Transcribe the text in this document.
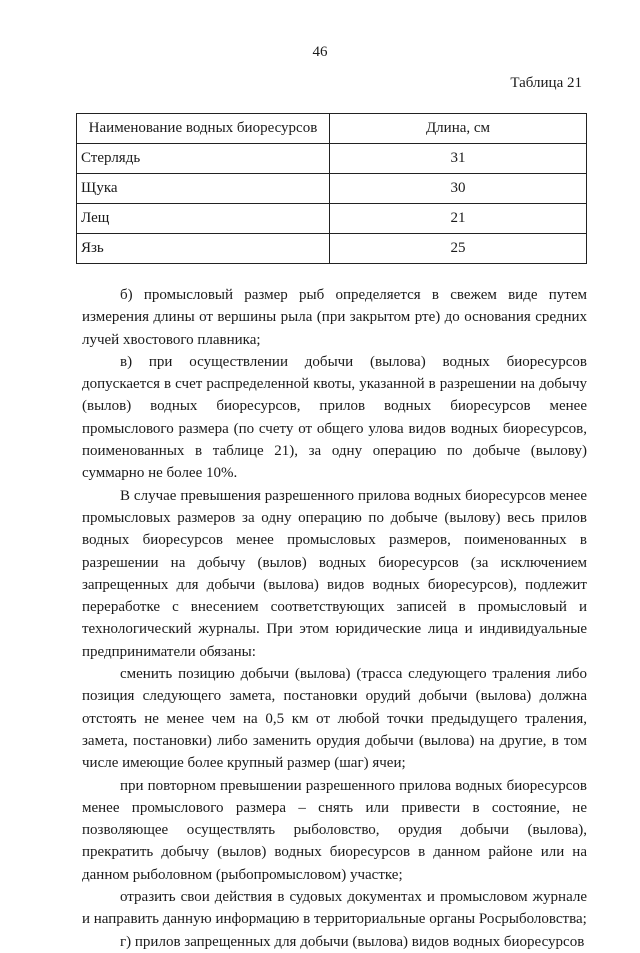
46
Таблица 21
Наименование водных биоресурсов	Длина, см
Стерлядь	31
Щука	30
Лещ	21
Язь	25

б) промысловый размер рыб определяется в свежем виде путем измерения длины от вершины рыла (при закрытом рте) до основания средних лучей хвостового плавника;

в) при осуществлении добычи (вылова) водных биоресурсов допускается в счет распределенной квоты, указанной в разрешении на добычу (вылов) водных биоресурсов, прилов водных биоресурсов менее промыслового размера (по счету от общего улова видов водных биоресурсов, поименованных в таблице 21), за одну операцию по добыче (вылову) суммарно не более 10%.

В случае превышения разрешенного прилова водных биоресурсов менее промысловых размеров за одну операцию по добыче (вылову) весь прилов водных биоресурсов менее промысловых размеров, поименованных в разрешении на добычу (вылов) водных биоресурсов (за исключением запрещенных для добычи (вылова) видов водных биоресурсов), подлежит переработке с внесением соответствующих записей в промысловый и технологический журналы. При этом юридические лица и индивидуальные предприниматели обязаны:

сменить позицию добычи (вылова) (трасса следующего траления либо позиция следующего замета, постановки орудий добычи (вылова) должна отстоять не менее чем на 0,5 км от любой точки предыдущего траления, замета, постановки) либо заменить орудия добычи (вылова) на другие, в том числе имеющие более крупный размер (шаг) ячеи;

при повторном превышении разрешенного прилова водных биоресурсов менее промыслового размера – снять или привести в состояние, не позволяющее осуществлять рыболовство, орудия добычи (вылова), прекратить добычу (вылов) водных биоресурсов в данном районе или на данном рыболовном (рыбопромысловом) участке;

отразить свои действия в судовых документах и промысловом журнале и направить данную информацию в территориальные органы Росрыболовства;

г) прилов запрещенных для добычи (вылова) видов водных биоресурсов
